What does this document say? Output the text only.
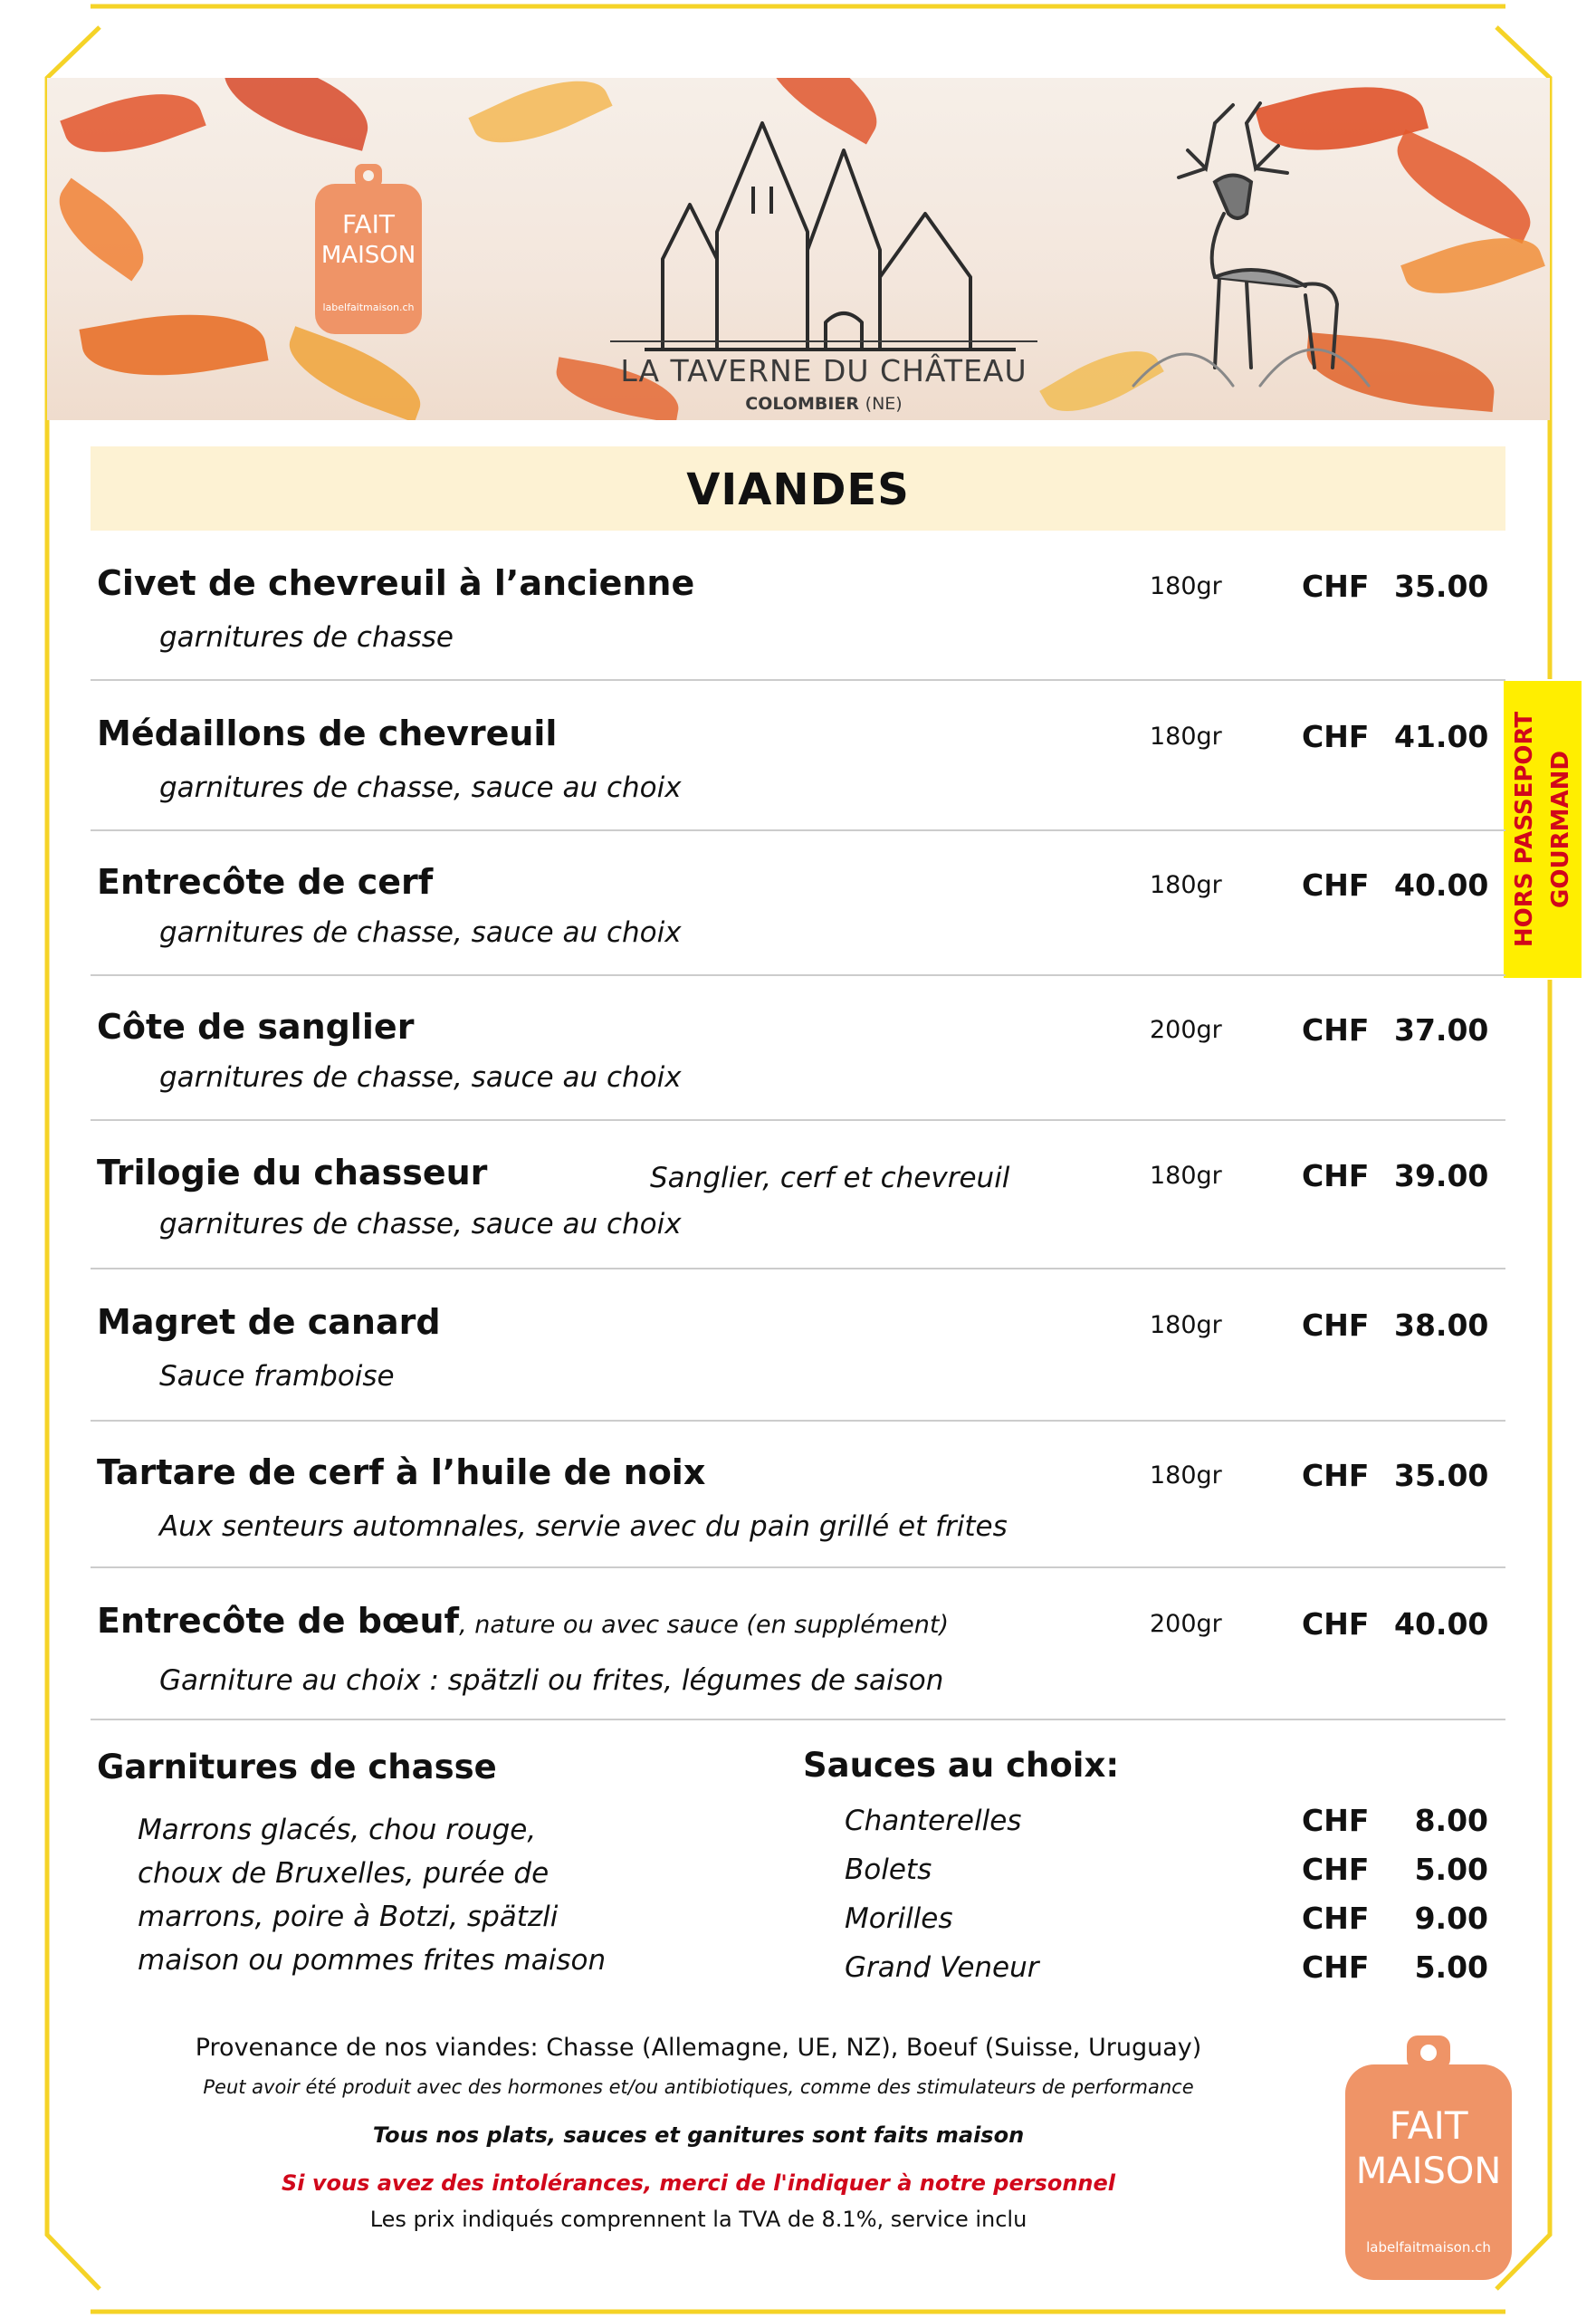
FAIT
MAISON
labelfaitmaison.ch
LA TAVERNE DU CHÂTEAU
COLOMBIER (NE)
VIANDES
HORS PASSEPORT GOURMAND
Civet de chevreuil à l’ancienne
garnitures de chasse
180gr	CHF 35.00
Médaillons de chevreuil
garnitures de chasse, sauce au choix
180gr	CHF 41.00
Entrecôte de cerf
garnitures de chasse, sauce au choix
180gr	CHF 40.00
Côte de sanglier
garnitures de chasse, sauce au choix
200gr	CHF 37.00
Trilogie du chasseur	Sanglier, cerf et chevreuil
garnitures de chasse, sauce au choix
180gr	CHF 39.00
Magret de canard
Sauce framboise
180gr	CHF 38.00
Tartare de cerf à l’huile de noix
Aux senteurs automnales, servie avec du pain grillé et frites
180gr	CHF 35.00
Entrecôte de bœuf, nature ou avec sauce (en supplément)
Garniture au choix : spätzli ou frites, légumes de saison
200gr	CHF 40.00
Garnitures de chasse
Marrons glacés, chou rouge,
choux de Bruxelles, purée de
marrons, poire à Botzi, spätzli
maison ou pommes frites maison
Sauces au choix:
Chanterelles	CHF	8.00
Bolets	CHF	5.00
Morilles	CHF	9.00
Grand Veneur	CHF	5.00
Provenance de nos viandes: Chasse (Allemagne, UE, NZ), Boeuf (Suisse, Uruguay)
Peut avoir été produit avec des hormones et/ou antibiotiques, comme des stimulateurs de performance
Tous nos plats, sauces et ganitures sont faits maison
Si vous avez des intolérances, merci de l'indiquer à notre personnel
Les prix indiqués comprennent la TVA de 8.1%, service inclu
FAIT
MAISON
labelfaitmaison.ch
